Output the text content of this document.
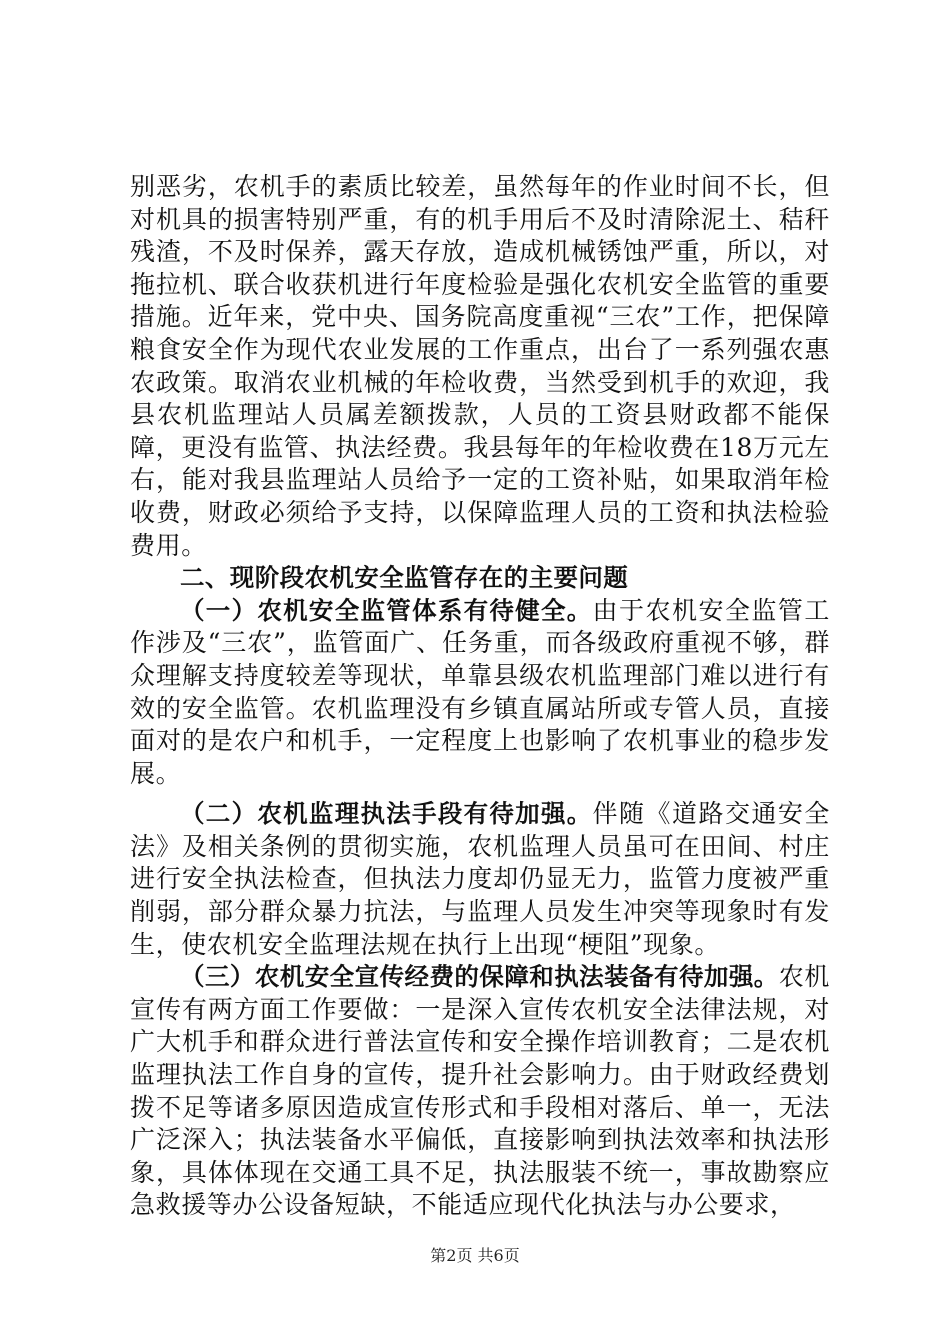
别恶劣，农机手的素质比较差，虽然每年的作业时间不长，但对机具的损害特别严重，有的机手用后不及时清除泥土、秸秆残渣，不及时保养，露天存放，造成机械锈蚀严重，所以，对拖拉机、联合收获机进行年度检验是强化农机安全监管的重要措施。近年来，党中央、国务院高度重视“三农”工作，把保障粮食安全作为现代农业发展的工作重点，出台了一系列强农惠农政策。取消农业机械的年检收费，当然受到机手的欢迎，我县农机监理站人员属差额拨款，人员的工资县财政都不能保障，更没有监管、执法经费。我县每年的年检收费在18万元左右，能对我县监理站人员给予一定的工资补贴，如果取消年检收费，财政必须给予支持，以保障监理人员的工资和执法检验费用。

二、现阶段农机安全监管存在的主要问题

（一）农机安全监管体系有待健全。由于农机安全监管工作涉及“三农”，监管面广、任务重，而各级政府重视不够，群众理解支持度较差等现状，单靠县级农机监理部门难以进行有效的安全监管。农机监理没有乡镇直属站所或专管人员，直接面对的是农户和机手，一定程度上也影响了农机事业的稳步发展。

（二）农机监理执法手段有待加强。伴随《道路交通安全法》及相关条例的贯彻实施，农机监理人员虽可在田间、村庄进行安全执法检查，但执法力度却仍显无力，监管力度被严重削弱，部分群众暴力抗法，与监理人员发生冲突等现象时有发生，使农机安全监理法规在执行上出现“梗阻”现象。

（三）农机安全宣传经费的保障和执法装备有待加强。农机宣传有两方面工作要做：一是深入宣传农机安全法律法规，对广大机手和群众进行普法宣传和安全操作培训教育；二是农机监理执法工作自身的宣传，提升社会影响力。由于财政经费划拨不足等诸多原因造成宣传形式和手段相对落后、单一，无法广泛深入；执法装备水平偏低，直接影响到执法效率和执法形象，具体体现在交通工具不足，执法服装不统一，事故勘察应急救援等办公设备短缺，不能适应现代化执法与办公要求，

第2页 共6页
